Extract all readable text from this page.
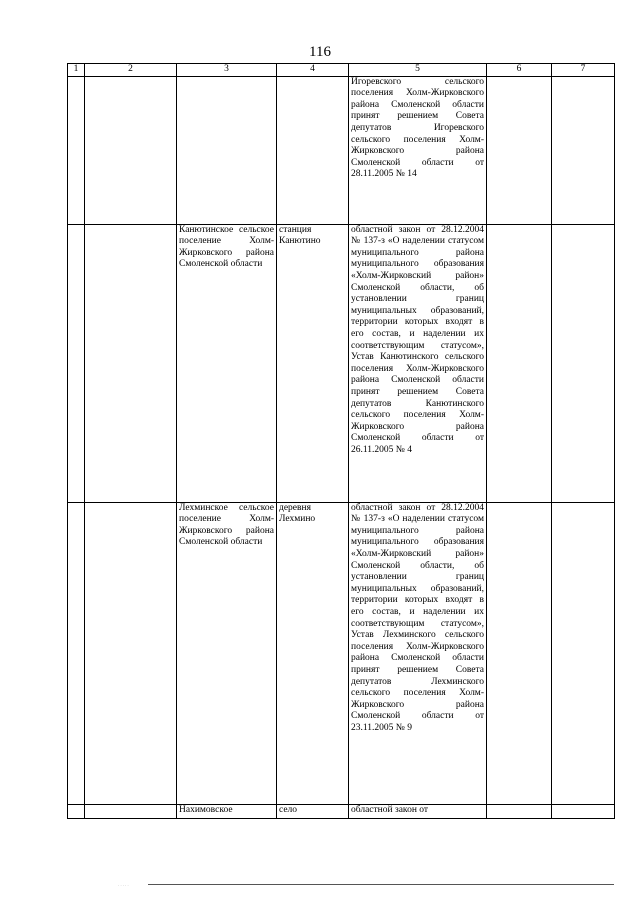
116
1	2	3	4	5	6	7
				Игоревского сельского поселения Холм-Жирковского района Смоленской области принят решением Совета депутатов Игоревского сельского поселения Холм-Жирковского района Смоленской области от 28.11.2005 № 14		
		Канютинское сельское поселение Холм-Жирковского района Смоленской области	станция Канютино	областной закон от 28.12.2004 № 137-з «О наделении статусом муниципального района муниципального образования «Холм-Жирковский район» Смоленской области, об установлении границ муниципальных образований, территории которых входят в его состав, и наделении их соответствующим статусом», Устав Канютинского сельского поселения Холм-Жирковского района Смоленской области принят решением Совета депутатов Канютинского сельского поселения Холм-Жирковского района Смоленской области от 26.11.2005 № 4		
		Лехминское сельское поселение Холм-Жирковского района Смоленской области	деревня Лехмино	областной закон от 28.12.2004 № 137-з «О наделении статусом муниципального района муниципального образования «Холм-Жирковский район» Смоленской области, об установлении границ муниципальных образований, территории которых входят в его состав, и наделении их соответствующим статусом», Устав Лехминского сельского поселения Холм-Жирковского района Смоленской области принят решением Совета депутатов Лехминского сельского поселения Холм-Жирковского района Смоленской области от 23.11.2005 № 9		
		Нахимовское	село	областной закон от		
· · · · ·
